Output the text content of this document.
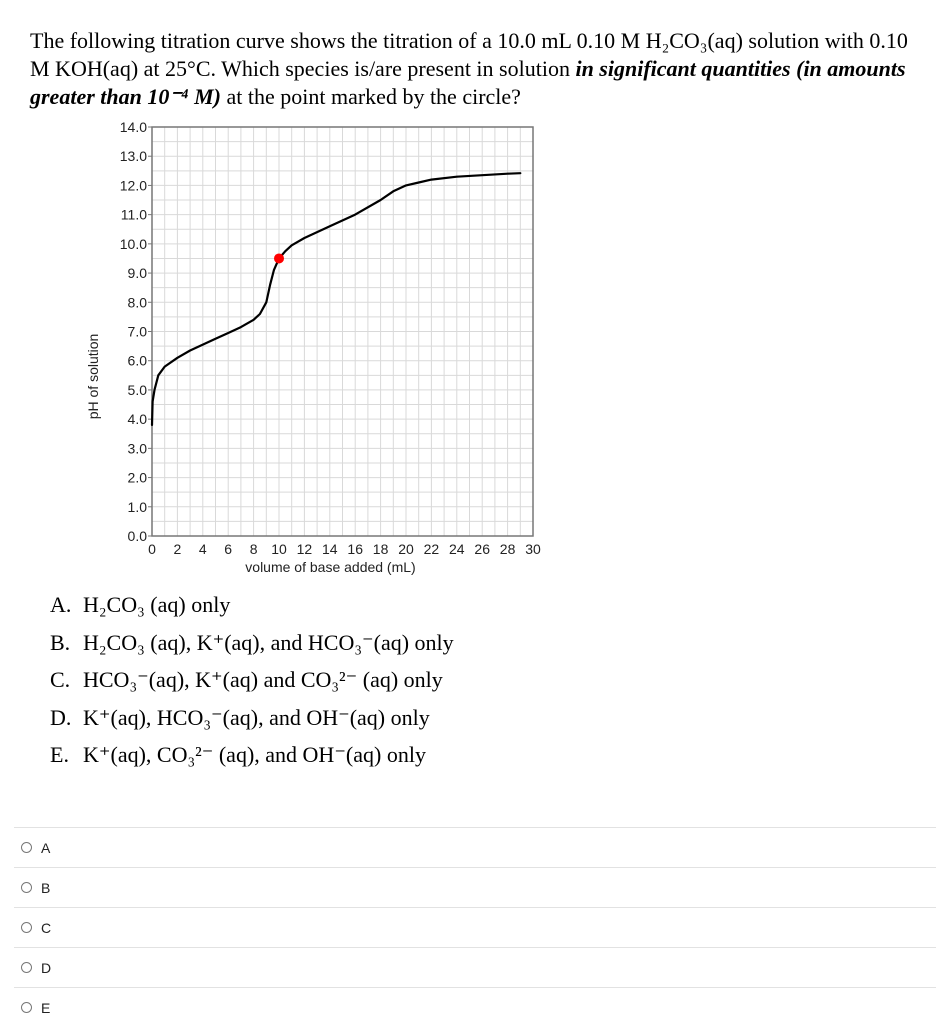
The following titration curve shows the titration of a 10.0 mL 0.10 M H₂CO₃(aq) solution with 0.10 M KOH(aq) at 25°C. Which species is/are present in solution in significant quantities (in amounts greater than 10⁻⁴ M) at the point marked by the circle?
0.0
1.0
2.0
3.0
4.0
5.0
6.0
7.0
8.0
9.0
10.0
11.0
12.0
13.0
14.0
0 2 4 6 8 10 12 14 16 18 20 22 24 26 28 30
pH of solution
volume of base added (mL)
A. H₂CO₃ (aq) only
B. H₂CO₃ (aq), K⁺(aq), and HCO₃⁻(aq) only
C. HCO₃⁻(aq), K⁺(aq) and CO₃²⁻ (aq) only
D. K⁺(aq), HCO₃⁻(aq), and OH⁻(aq) only
E. K⁺(aq), CO₃²⁻ (aq), and OH⁻(aq) only
A
B
C
D
E
